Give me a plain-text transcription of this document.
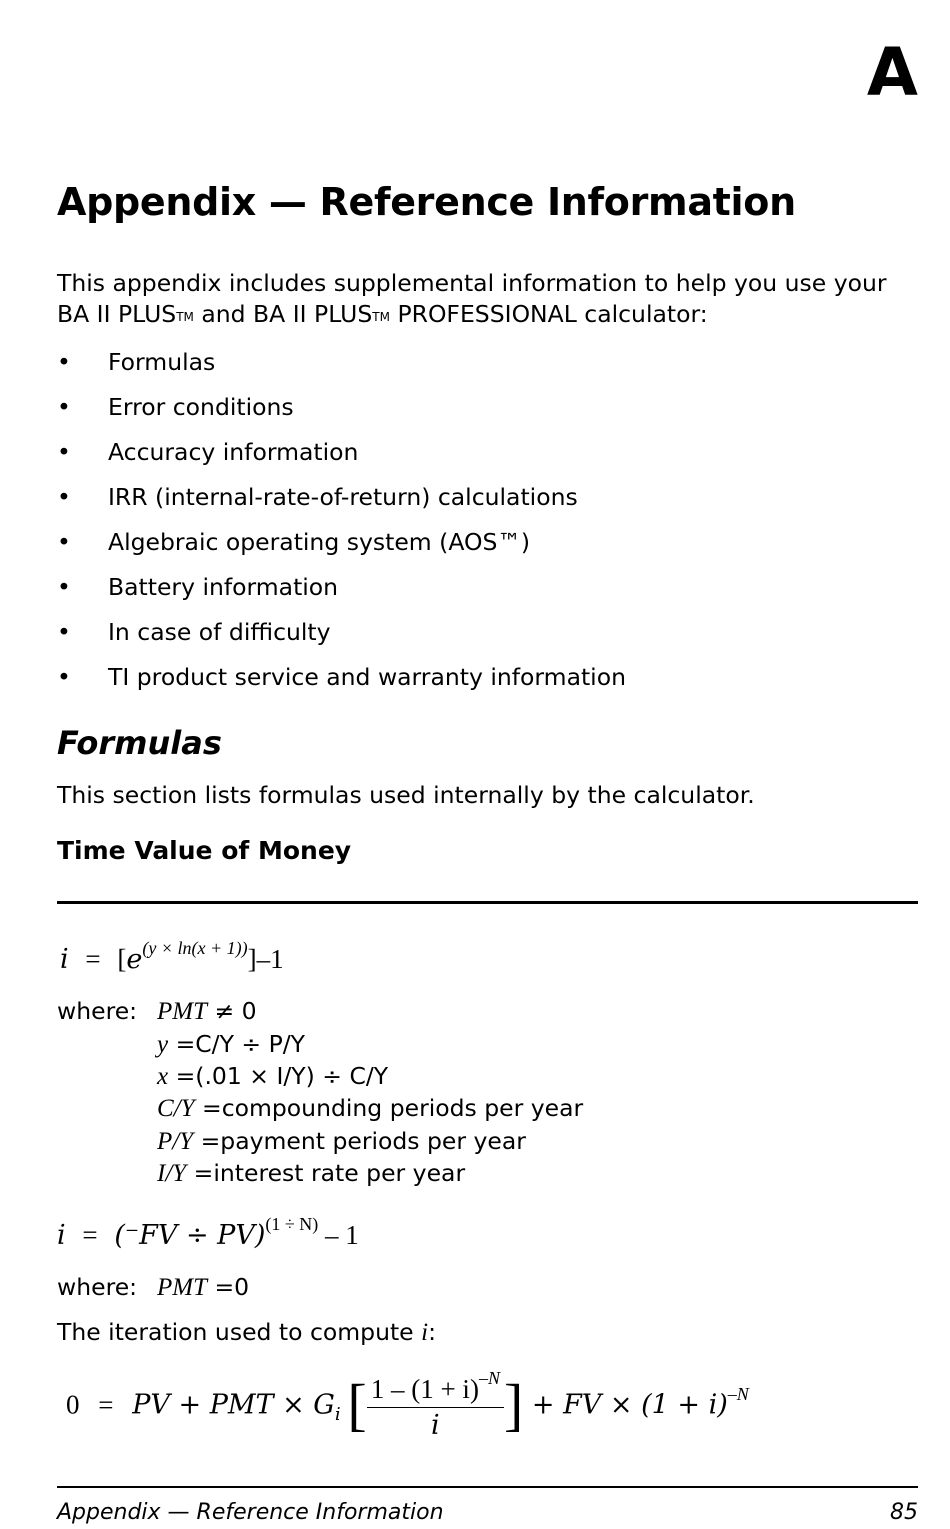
A
Appendix — Reference Information

This appendix includes supplemental information to help you use your
BA II PLUS™ and BA II PLUS™ PROFESSIONAL calculator:

• Formulas
• Error conditions
• Accuracy information
• IRR (internal-rate-of-return) calculations
• Algebraic operating system (AOS™)
• Battery information
• In case of difficulty
• TI product service and warranty information
Formulas

This section lists formulas used internally by the calculator.

Time Value of Money
$i = [e^{(y \times ln(x + 1))}]-1$
where: PMT ≠ 0
y =C/Y ÷ P/Y
x =(.01 × I/Y) ÷ C/Y
C/Y =compounding periods per year
P/Y =payment periods per year
I/Y =interest rate per year
i = (⁻FV ÷ PV)$^{(1 \div N)}$ – 1
where: PMT =0
The iteration used to compute i:
0 = PV + PMT × $G_i$ [ $\frac{1 - (1 + i)^{-N}}{i}$ ] + FV × $(1 + i)^{-N}$
Appendix — Reference Information	85
